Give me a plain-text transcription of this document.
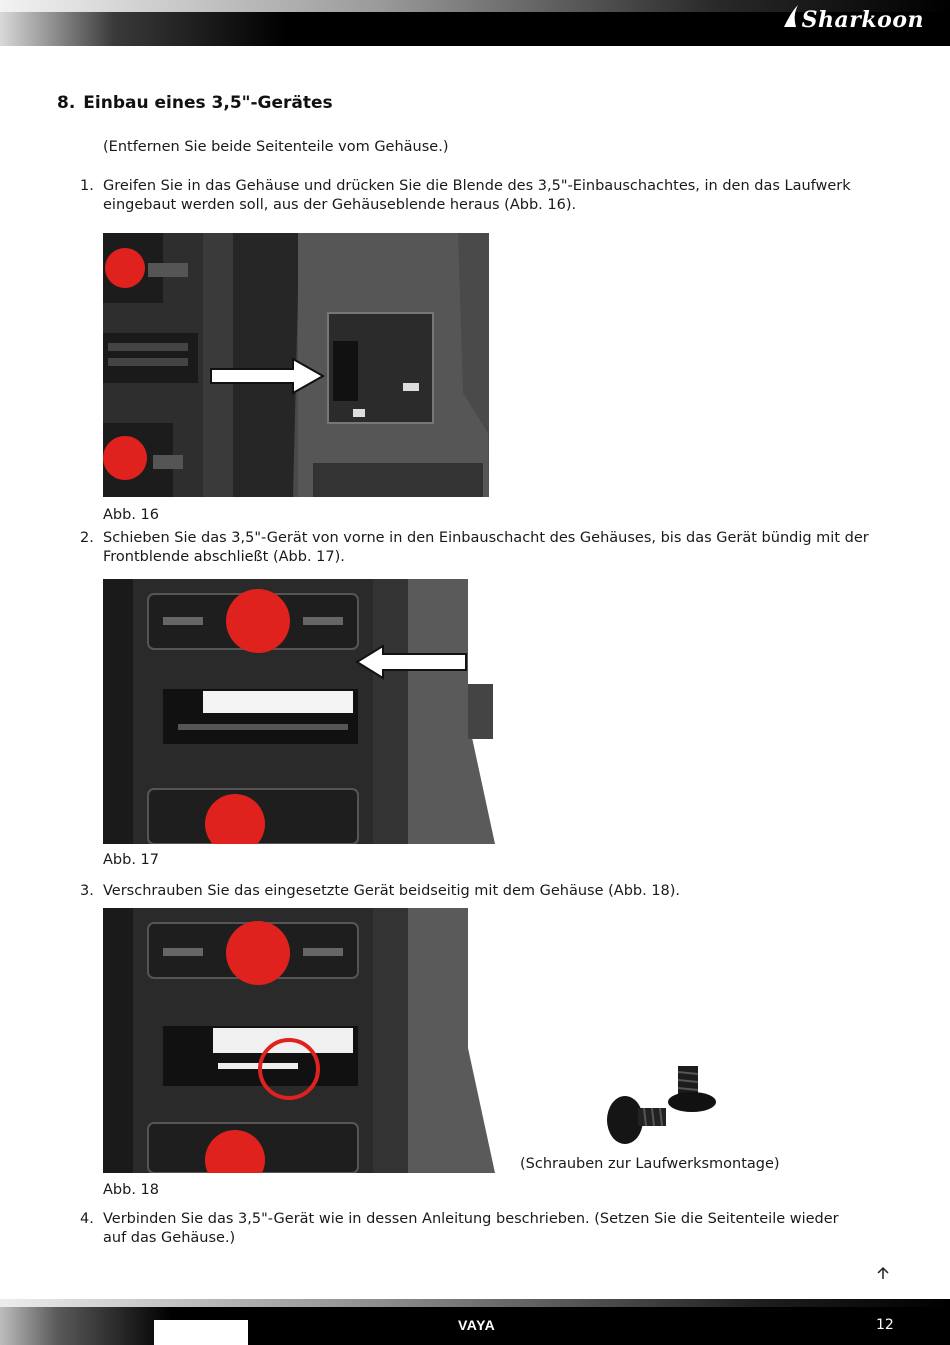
Sharkoon
8. Einbau eines 3,5"-Gerätes
(Entfernen Sie beide Seitenteile vom Gehäuse.)
1. Greifen Sie in das Gehäuse und drücken Sie die Blende des 3,5"-Einbauschachtes, in den das Laufwerk
eingebaut werden soll, aus der Gehäuseblende heraus (Abb. 16).
Abb. 16
2. Schieben Sie das 3,5"-Gerät von vorne in den Einbauschacht des Gehäuses, bis das Gerät bündig mit der
Frontblende abschließt (Abb. 17).
Abb. 17
3. Verschrauben Sie das eingesetzte Gerät beidseitig mit dem Gehäuse (Abb. 18).
(Schrauben zur Laufwerksmontage)
Abb. 18
4. Verbinden Sie das 3,5"-Gerät wie in dessen Anleitung beschrieben. (Setzen Sie die Seitenteile wieder
auf das Gehäuse.)
VAYA	12
